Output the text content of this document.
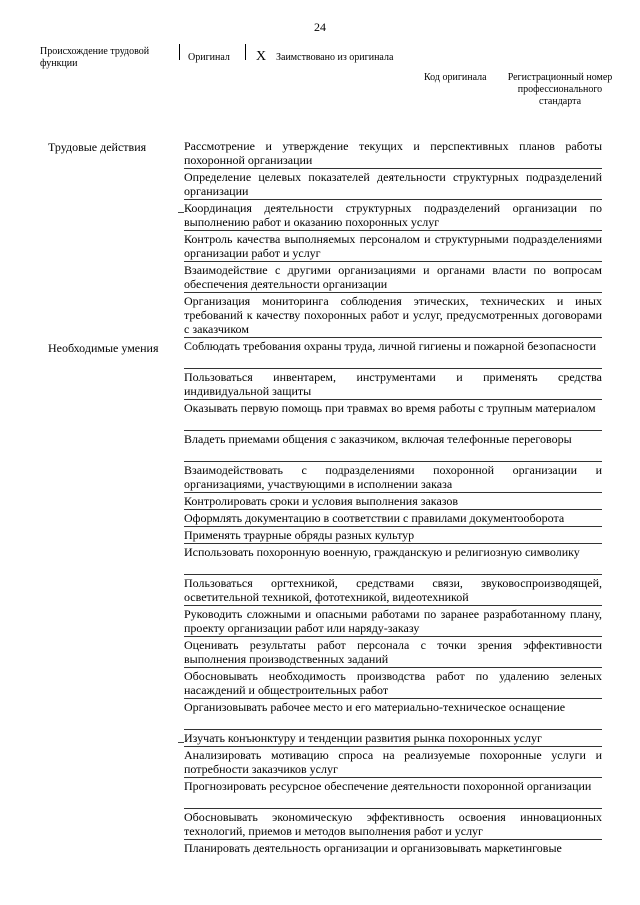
24
Происхождение трудовой функции
Оригинал X Заимствовано из оригинала
Код оригинала Регистрационный номер профессионального стандарта
Трудовые действия	Рассмотрение и утверждение текущих и перспективных планов работы похоронной организации
Определение целевых показателей деятельности структурных подразделений организации
Координация деятельности структурных подразделений организации по выполнению работ и оказанию похоронных услуг
Контроль качества выполняемых персоналом и структурными подразделениями организации работ и услуг
Взаимодействие с другими организациями и органами власти по вопросам обеспечения деятельности организации
Организация мониторинга соблюдения этических, технических и иных требований к качеству похоронных работ и услуг, предусмотренных договорами с заказчиком
Необходимые умения Соблюдать требования охраны труда, личной гигиены и пожарной безопасности
Пользоваться инвентарем, инструментами и применять средства индивидуальной защиты
Оказывать первую помощь при травмах во время работы с трупным материалом
Владеть приемами общения с заказчиком, включая телефонные переговоры
Взаимодействовать с подразделениями похоронной организации и организациями, участвующими в исполнении заказа
Контролировать сроки и условия выполнения заказов
Оформлять документацию в соответствии с правилами документооборота
Применять траурные обряды разных культур
Использовать похоронную военную, гражданскую и религиозную символику
Пользоваться оргтехникой, средствами связи, звуковоспроизводящей, осветительной техникой, фототехникой, видеотехникой
Руководить сложными и опасными работами по заранее разработанному плану, проекту организации работ или наряду-заказу
Оценивать результаты работ персонала с точки зрения эффективности выполнения производственных заданий
Обосновывать необходимость производства работ по удалению зеленых насаждений и общестроительных работ
Организовывать рабочее место и его материально-техническое оснащение
Изучать конъюнктуру и тенденции развития рынка похоронных услуг
Анализировать мотивацию спроса на реализуемые похоронные услуги и потребности заказчиков услуг
Прогнозировать ресурсное обеспечение деятельности похоронной организации
Обосновывать экономическую эффективность освоения инновационных технологий, приемов и методов выполнения работ и услуг
Планировать деятельность организации и организовывать маркетинговые
